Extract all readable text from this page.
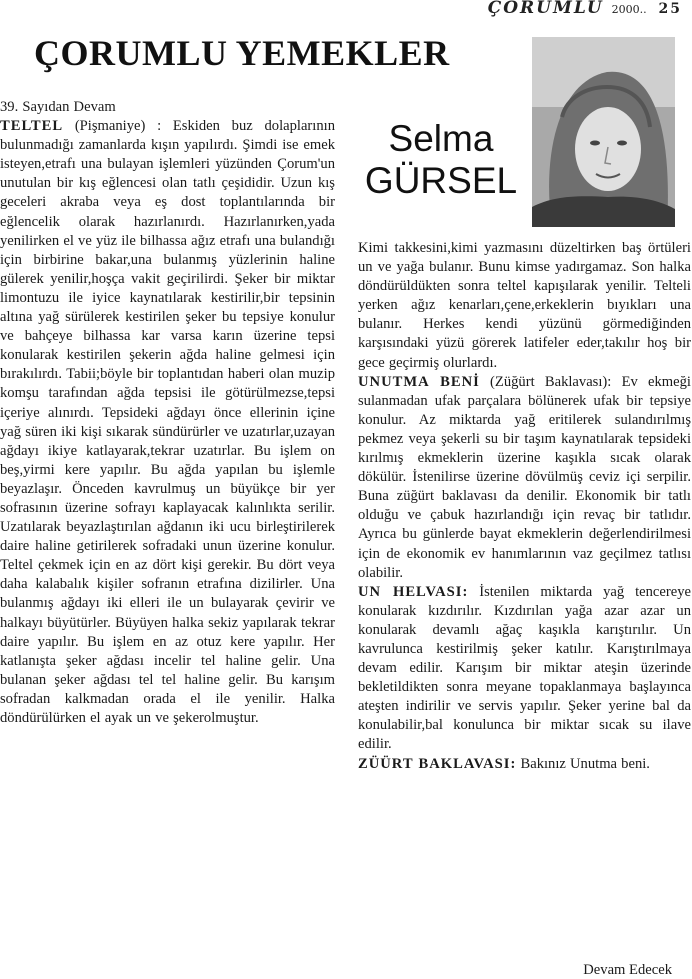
ÇORUMLU 2000.. 25
ÇORUMLU YEMEKLER
Selma
GÜRSEL

39. Sayıdan Devam

TELTEL (Pişmaniye) : Eskiden buz dolaplarının bulunmadığı zamanlarda kışın yapılırdı. Şimdi ise emek isteyen,etrafı una bulayan işlemleri yüzünden Çorum'un unutulan bir kış eğlencesi olan tatlı çeşididir. Uzun kış geceleri akraba veya eş dost toplantılarında bir eğlencelik olarak hazırlanırdı. Hazırlanırken,yada yenilirken el ve yüz ile bilhassa ağız etrafı una bulandığı için birbirine bakar,una bulanmış yüzlerinin haline gülerek yenilir,hoşça vakit geçirilirdi. Şeker bir miktar limontuzu ile iyice kaynatılarak kestirilir,bir tepsinin altına yağ sürülerek kestirilen şeker bu tepsiye konulur ve bahçeye bilhassa kar varsa karın üzerine tepsi konularak kestirilen şekerin ağda haline gelmesi için bırakılırdı. Tabii;böyle bir toplantıdan haberi olan muzip komşu tarafından ağda tepsisi ile götürülmezse,tepsi içeriye alınırdı. Tepsideki ağdayı önce ellerinin içine yağ süren iki kişi sıkarak sündürürler ve uzatırlar,uzayan ağdayı ikiye katlayarak,tekrar uzatırlar. Bu işlem on beş,yirmi kere yapılır. Bu ağda yapılan bu işlemle beyazlaşır. Önceden kavrulmuş un büyükçe bir yer sofrasının üzerine sofrayı kaplayacak kalınlıkta serilir. Uzatılarak beyazlaştırılan ağdanın iki ucu birleştirilerek daire haline getirilerek sofradaki unun üzerine konulur. Teltel çekmek için en az dört kişi gerekir. Bu dört veya daha kalabalık kişiler sofranın etrafına dizilirler. Una bulanmış ağdayı iki elleri ile un bulayarak çevirir ve halkayı büyütürler. Büyüyen halka sekiz yapılarak tekrar daire yapılır. Bu işlem en az otuz kere yapılır. Her katlanışta şeker ağdası incelir tel haline gelir. Una bulanan şeker ağdası tel tel haline gelir. Bu karışım sofradan kalkmadan orada el ile yenilir. Halka döndürülürken el ayak un ve şekerolmuştur.

Kimi takkesini,kimi yazmasını düzeltirken baş örtüleri un ve yağa bulanır. Bunu kimse yadırgamaz. Son halka döndürüldükten sonra teltel kapışılarak yenilir. Telteli yerken ağız kenarları,çene,erkeklerin bıyıkları una bulanır. Herkes kendi yüzünü görmediğinden karşısındaki yüzü görerek latifeler eder,takılır hoş bir gece geçirmiş olurlardı.

UNUTMA BENİ (Züğürt Baklavası): Ev ekmeği sulanmadan ufak parçalara bölünerek ufak bir tepsiye konulur. Az miktarda yağ eritilerek sulandırılmış pekmez veya şekerli su bir taşım kaynatılarak tepsideki kırılmış ekmeklerin üzerine kaşıkla sıcak olarak dökülür. İstenilirse üzerine dövülmüş ceviz içi serpilir. Buna züğürt baklavası da denilir. Ekonomik bir tatlı olduğu ve çabuk hazırlandığı için revaç bir tatlıdır. Ayrıca bu günlerde bayat ekmeklerin değerlendirilmesi için de ekonomik ev hanımlarının vaz geçilmez tatlısı olabilir.

UN HELVASI: İstenilen miktarda yağ tencereye konularak kızdırılır. Kızdırılan yağa azar azar un konularak devamlı ağaç kaşıkla karıştırılır. Un kavrulunca kestirilmiş şeker katılır. Karıştırılmaya devam edilir. Karışım bir miktar ateşin üzerinde bekletildikten sonra meyane topaklanmaya başlayınca ateşten indirilir ve servis yapılır. Şeker yerine bal da konulabilir,bal konulunca bir miktar sıcak su ilave edilir.

ZÜÜRT BAKLAVASI: Bakınız Unutma beni.

Devam Edecek
